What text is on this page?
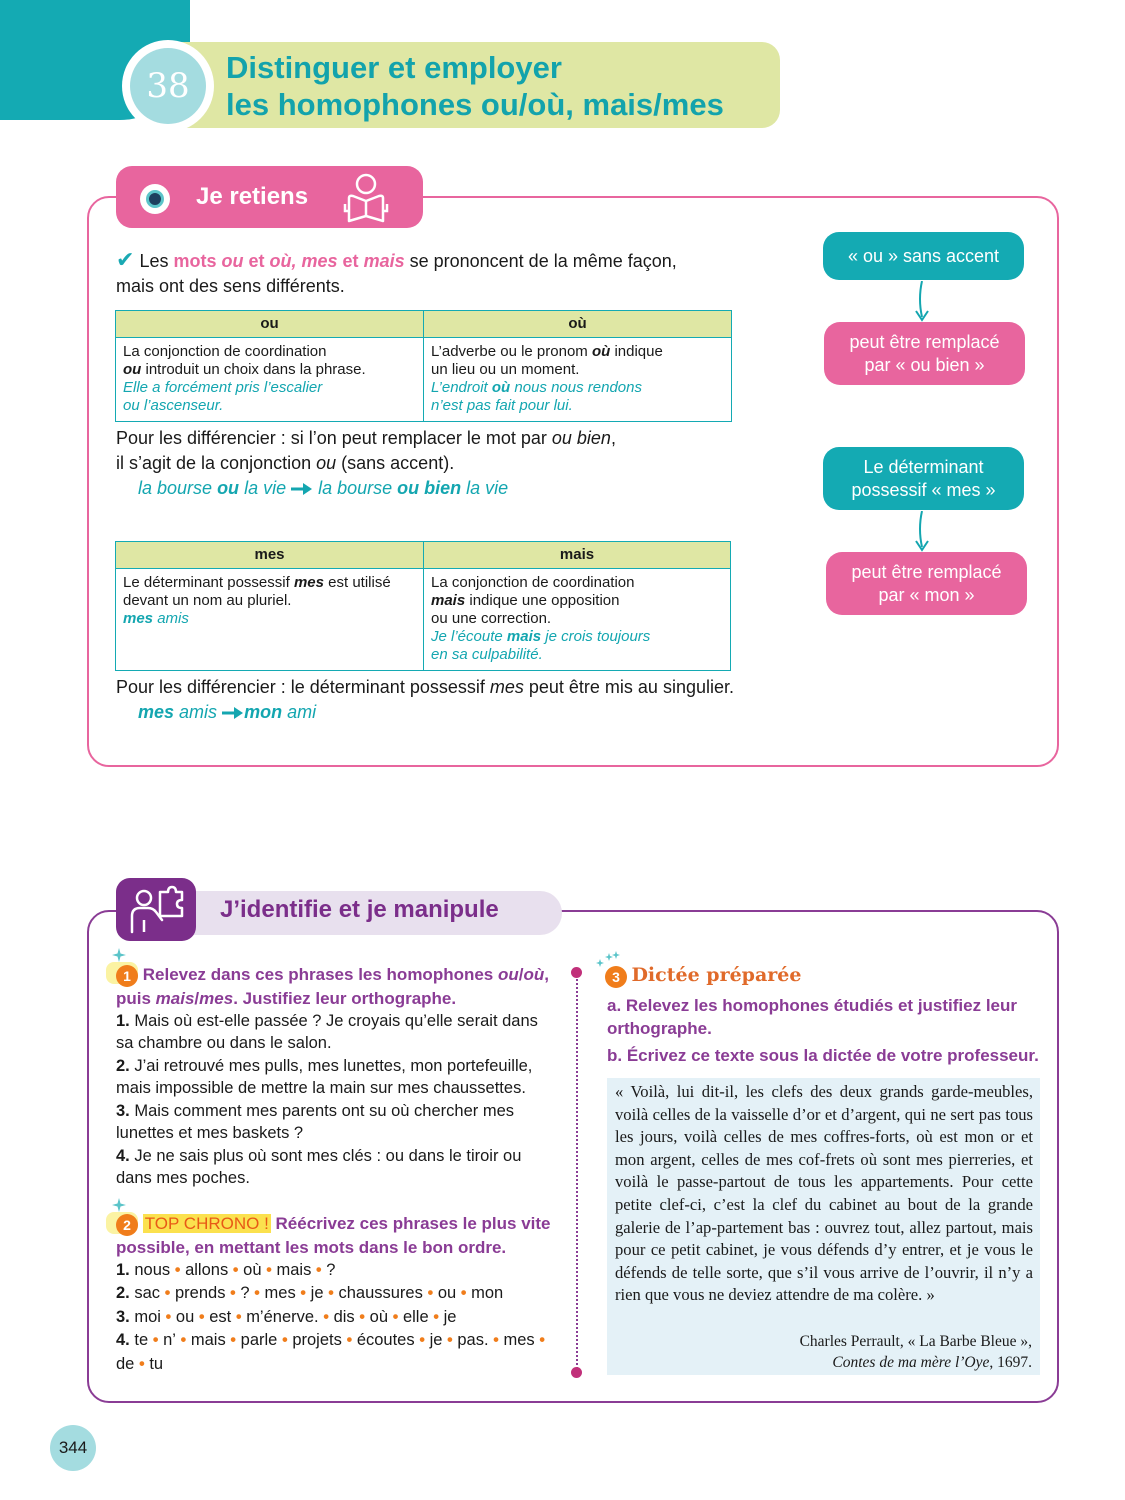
38	Distinguer et employer
les homophones ou/où, mais/mes
Je retiens
✔ Les mots ou et où, mes et mais se prononcent de la même façon,
mais ont des sens différents.
ou	où
La conjonction de coordination
ou introduit un choix dans la phrase.
Elle a forcément pris l’escalier
ou l’ascenseur.	L’adverbe ou le pronom où indique
un lieu ou un moment.
L’endroit où nous nous rendons
n’est pas fait pour lui.
Pour les différencier : si l’on peut remplacer le mot par ou bien,
il s’agit de la conjonction ou (sans accent).
la bourse ou la vie  la bourse ou bien la vie
mes	mais
Le déterminant possessif mes est utilisé
devant un nom au pluriel.
mes amis	La conjonction de coordination
mais indique une opposition
ou une correction.
Je l’écoute mais je crois toujours
en sa culpabilité.
Pour les différencier : le déterminant possessif mes peut être mis au singulier.
mes amis mon ami
« ou » sans accent
peut être remplacé
par « ou bien »
Le déterminant
possessif « mes »
peut être remplacé
par « mon »
J’identifie et je manipule
1 Relevez dans ces phrases les homophones ou/où,
puis mais/mes. Justifiez leur orthographe.
1. Mais où est-elle passée ? Je croyais qu’elle serait dans sa chambre ou dans le salon.
2. J’ai retrouvé mes pulls, mes lunettes, mon portefeuille, mais impossible de mettre la main sur mes chaussettes.
3. Mais comment mes parents ont su où chercher mes lunettes et mes baskets ?
4. Je ne sais plus où sont mes clés : ou dans le tiroir ou dans mes poches.
2 TOP CHRONO ! Réécrivez ces phrases le plus vite possible, en mettant les mots dans le bon ordre.
1. nous • allons • où • mais • ?
2. sac • prends • ? • mes • je • chaussures • ou • mon
3. moi • ou • est • m’énerve. • dis • où • elle • je
4. te • n’ • mais • parle • projets • écoutes • je • pas. • mes • de • tu
3 Dictée préparée
a. Relevez les homophones étudiés et justifiez leur orthographe.
b. Écrivez ce texte sous la dictée de votre professeur.
« Voilà, lui dit-il, les clefs des deux grands garde-meubles, voilà celles de la vaisselle d’or et d’argent, qui ne sert pas tous les jours, voilà celles de mes coffres-forts, où est mon or et mon argent, celles de mes cof-frets où sont mes pierreries, et voilà le passe-partout de tous les appartements. Pour cette petite clef-ci, c’est la clef du cabinet au bout de la grande galerie de l’ap-partement bas : ouvrez tout, allez partout, mais pour ce petit cabinet, je vous défends d’y entrer, et je vous le défends de telle sorte, que s’il vous arrive de l’ouvrir, il n’y a rien que vous ne deviez attendre de ma colère. »
Charles Perrault, « La Barbe Bleue »,
Contes de ma mère l’Oye, 1697.
344
